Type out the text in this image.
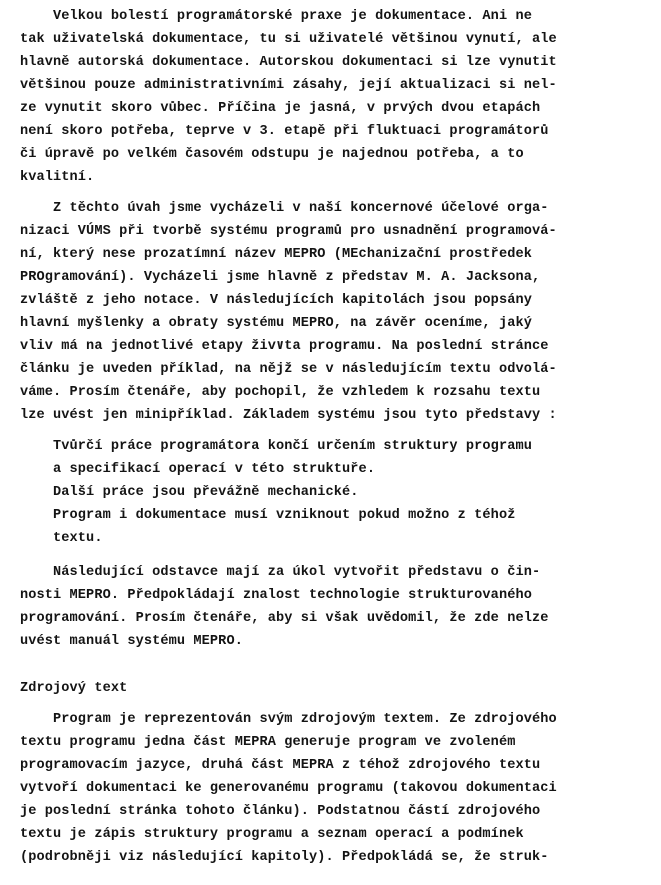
Velkou bolestí programátorské praxe je dokumentace. Ani ne
tak uživatelská dokumentace, tu si uživatelé většinou vynutí, ale
hlavně autorská dokumentace. Autorskou dokumentaci si lze vynutit
většinou pouze administrativními zásahy, její aktualizaci si nel-
ze vynutit skoro vůbec. Příčina je jasná, v prvých dvou etapách
není skoro potřeba, teprve v 3. etapě při fluktuaci programátorů
či úpravě po velkém časovém odstupu je najednou potřeba, a to
kvalitní.
Z těchto úvah jsme vycházeli v naší koncernové účelové orga-
nizaci VÚMS při tvorbě systému programů pro usnadnění programová-
ní, který nese prozatímní název MEPRO (MEchanizační prostředek
PROgramování). Vycházeli jsme hlavně z představ M. A. Jacksona,
zvláště z jeho notace. V následujících kapitolách jsou popsány
hlavní myšlenky a obraty systému MEPRO, na závěr oceníme, jaký
vliv má na jednotlivé etapy živ∨ta programu. Na poslední stránce
článku je uveden příklad, na nějž se v následujícím textu odvolá-
váme. Prosím čtenáře, aby pochopil, že vzhledem k rozsahu textu
lze uvést jen minipříklad. Základem systému jsou tyto představy :
Tvůrčí práce programátora končí určením struktury programu
a specifikací operací v této struktuře.
Další práce jsou převážně mechanické.
Program i dokumentace musí vzniknout pokud možno z téhož
textu.
Následující odstavce mají za úkol vytvořit představu o čin-
nosti MEPRO. Předpokládají znalost technologie strukturovaného
programování. Prosím čtenáře, aby si však uvědomil, že zde nelze
uvést manuál systému MEPRO.
Zdrojový text
Program je reprezentován svým zdrojovým textem. Ze zdrojového
textu programu jedna část MEPRA generuje program ve zvoleném
programovacím jazyce, druhá část MEPRA z téhož zdrojového textu
vytvoří dokumentaci ke generovanému programu (takovou dokumentaci
je poslední stránka tohoto článku). Podstatnou částí zdrojového
textu je zápis struktury programu a seznam operací a podmínek
(podrobněji viz následující kapitoly). Předpokládá se, že struk-
